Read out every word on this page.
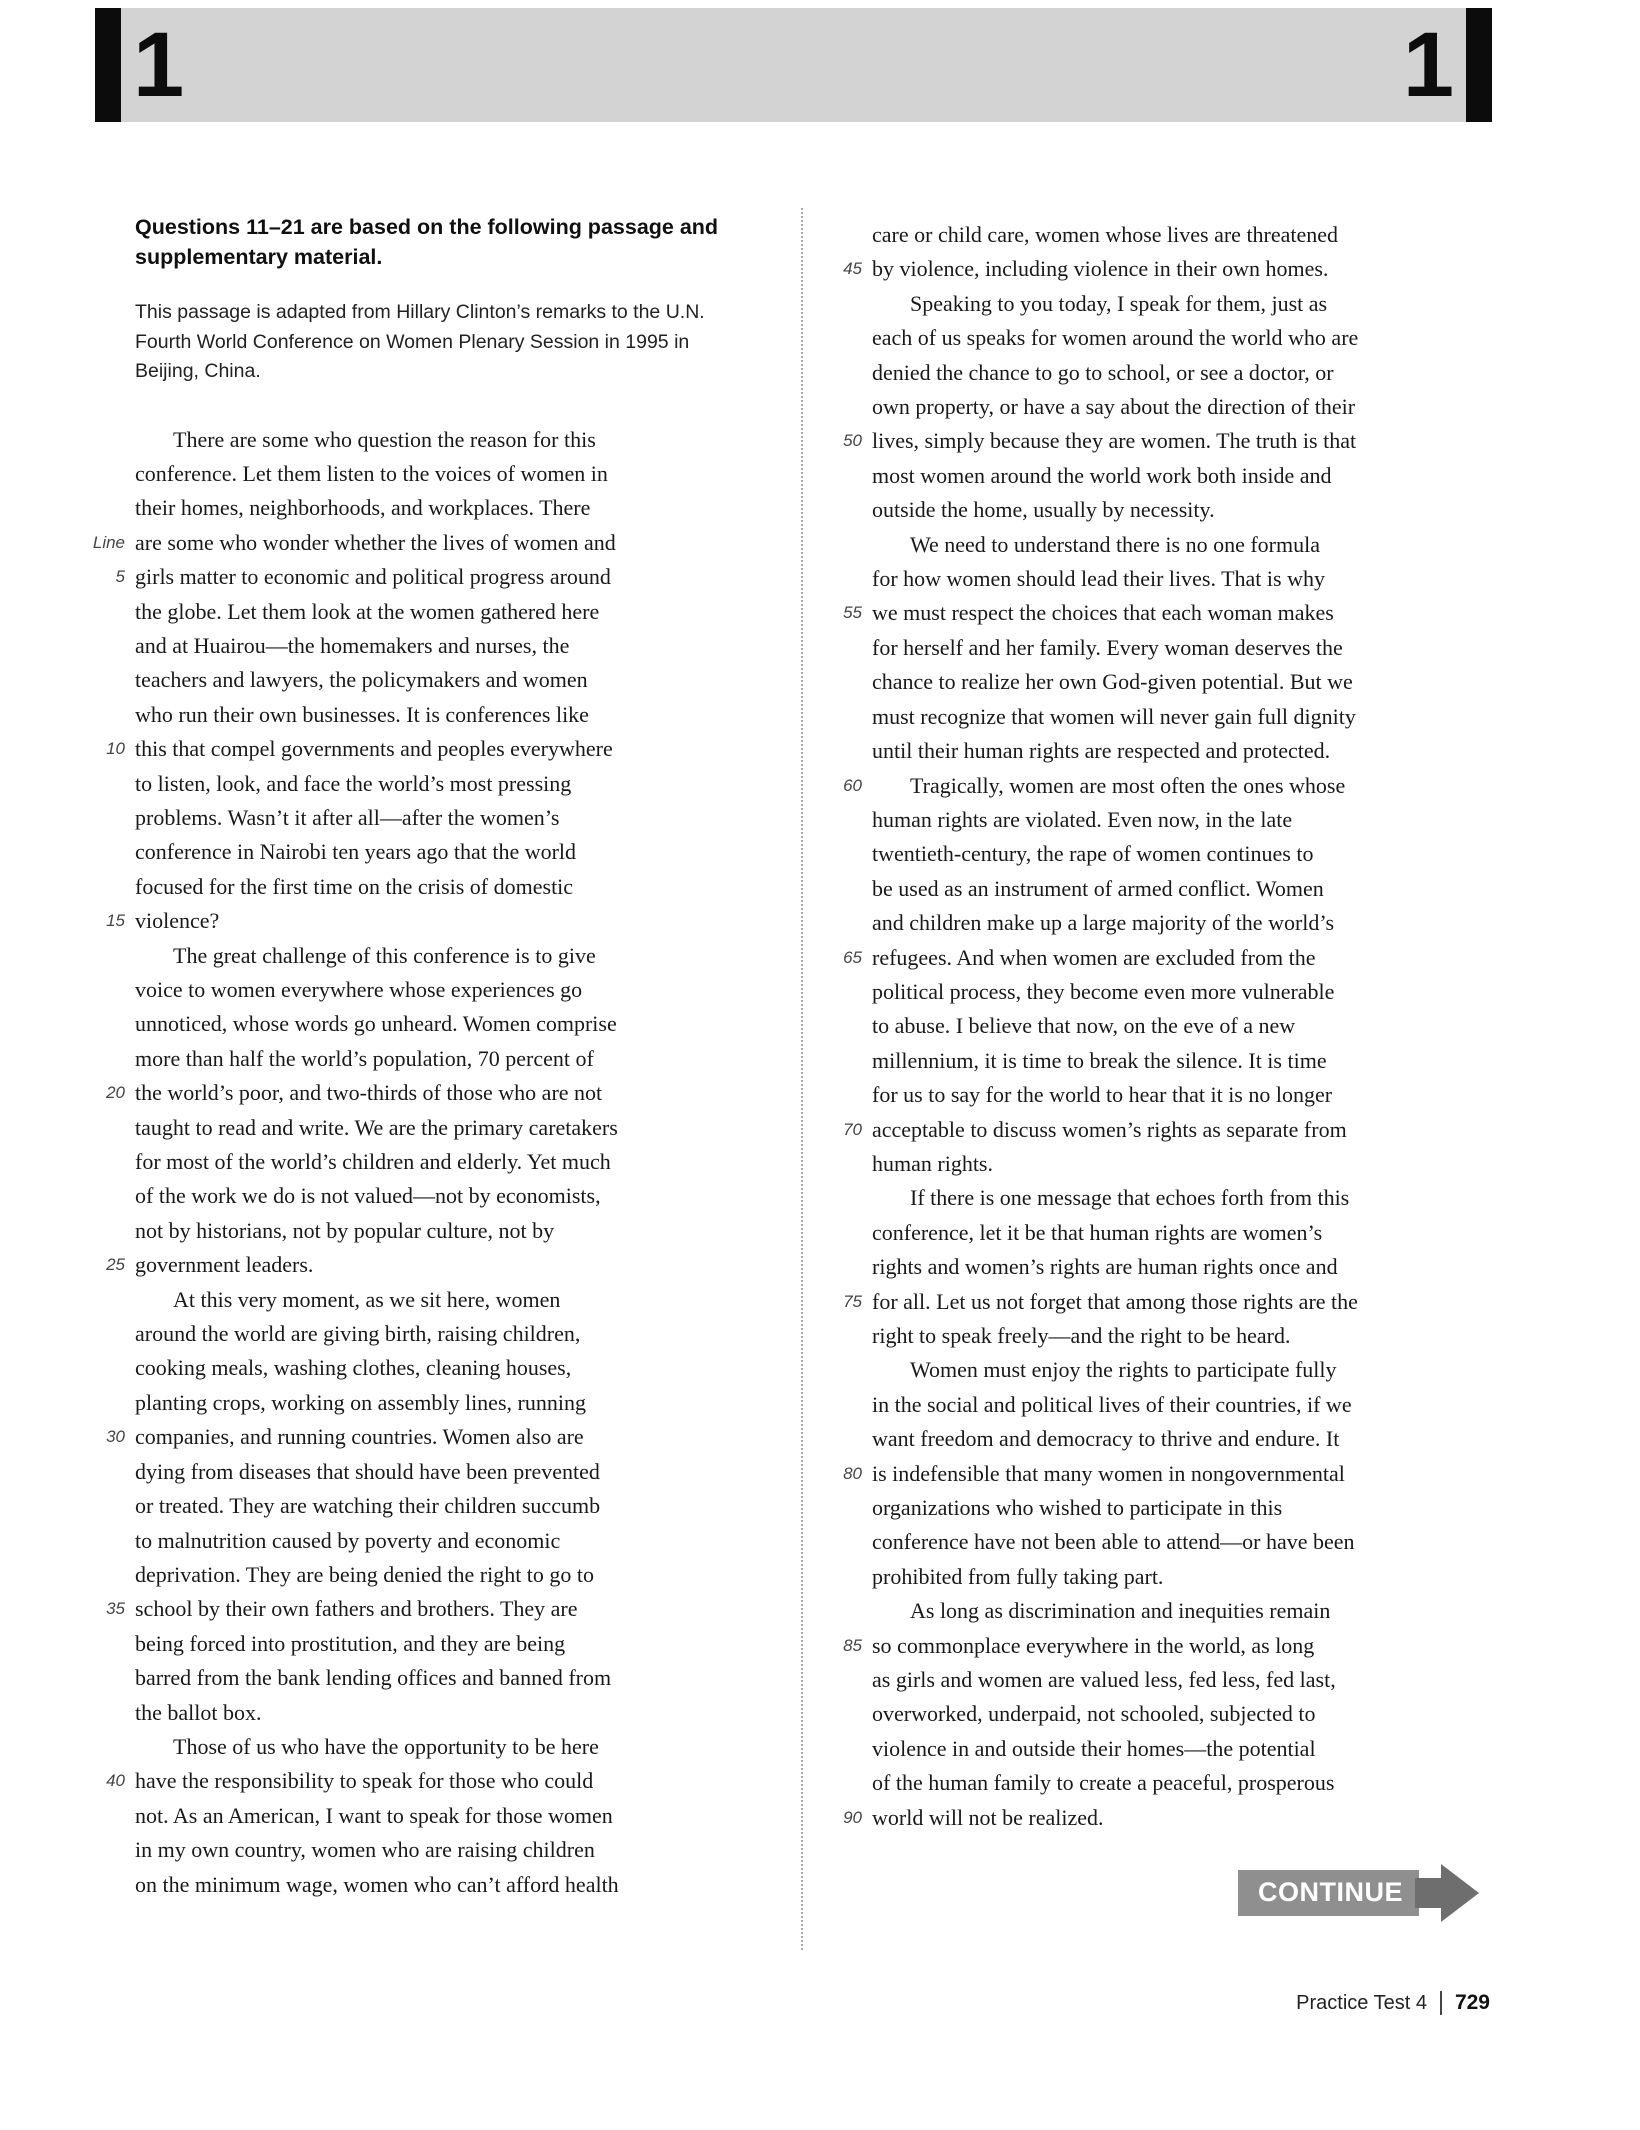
1	1
Questions 11–21 are based on the following passage and supplementary material.
This passage is adapted from Hillary Clinton’s remarks to the U.N. Fourth World Conference on Women Plenary Session in 1995 in Beijing, China.
There are some who question the reason for this
conference. Let them listen to the voices of women in
their homes, neighborhoods, and workplaces. There
Line are some who wonder whether the lives of women and
5 girls matter to economic and political progress around
the globe. Let them look at the women gathered here
and at Huairou—the homemakers and nurses, the
teachers and lawyers, the policymakers and women
who run their own businesses. It is conferences like
10 this that compel governments and peoples everywhere
to listen, look, and face the world’s most pressing
problems. Wasn’t it after all—after the women’s
conference in Nairobi ten years ago that the world
focused for the first time on the crisis of domestic
15 violence?
The great challenge of this conference is to give
voice to women everywhere whose experiences go
unnoticed, whose words go unheard. Women comprise
more than half the world’s population, 70 percent of
20 the world’s poor, and two-thirds of those who are not
taught to read and write. We are the primary caretakers
for most of the world’s children and elderly. Yet much
of the work we do is not valued—not by economists,
not by historians, not by popular culture, not by
25 government leaders.
At this very moment, as we sit here, women
around the world are giving birth, raising children,
cooking meals, washing clothes, cleaning houses,
planting crops, working on assembly lines, running
30 companies, and running countries. Women also are
dying from diseases that should have been prevented
or treated. They are watching their children succumb
to malnutrition caused by poverty and economic
deprivation. They are being denied the right to go to
35 school by their own fathers and brothers. They are
being forced into prostitution, and they are being
barred from the bank lending offices and banned from
the ballot box.
Those of us who have the opportunity to be here
40 have the responsibility to speak for those who could
not. As an American, I want to speak for those women
in my own country, women who are raising children
on the minimum wage, women who can’t afford health
care or child care, women whose lives are threatened
45 by violence, including violence in their own homes.
Speaking to you today, I speak for them, just as
each of us speaks for women around the world who are
denied the chance to go to school, or see a doctor, or
own property, or have a say about the direction of their
50 lives, simply because they are women. The truth is that
most women around the world work both inside and
outside the home, usually by necessity.
We need to understand there is no one formula
for how women should lead their lives. That is why
55 we must respect the choices that each woman makes
for herself and her family. Every woman deserves the
chance to realize her own God-given potential. But we
must recognize that women will never gain full dignity
until their human rights are respected and protected.
60	Tragically, women are most often the ones whose
human rights are violated. Even now, in the late
twentieth-century, the rape of women continues to
be used as an instrument of armed conflict. Women
and children make up a large majority of the world’s
65 refugees. And when women are excluded from the
political process, they become even more vulnerable
to abuse. I believe that now, on the eve of a new
millennium, it is time to break the silence. It is time
for us to say for the world to hear that it is no longer
70 acceptable to discuss women’s rights as separate from
human rights.
If there is one message that echoes forth from this
conference, let it be that human rights are women’s
rights and women’s rights are human rights once and
75 for all. Let us not forget that among those rights are the
right to speak freely—and the right to be heard.
Women must enjoy the rights to participate fully
in the social and political lives of their countries, if we
want freedom and democracy to thrive and endure. It
80 is indefensible that many women in nongovernmental
organizations who wished to participate in this
conference have not been able to attend—or have been
prohibited from fully taking part.
As long as discrimination and inequities remain
85 so commonplace everywhere in the world, as long
as girls and women are valued less, fed less, fed last,
overworked, underpaid, not schooled, subjected to
violence in and outside their homes—the potential
of the human family to create a peaceful, prosperous
90 world will not be realized.
CONTINUE
Practice Test 4 729
